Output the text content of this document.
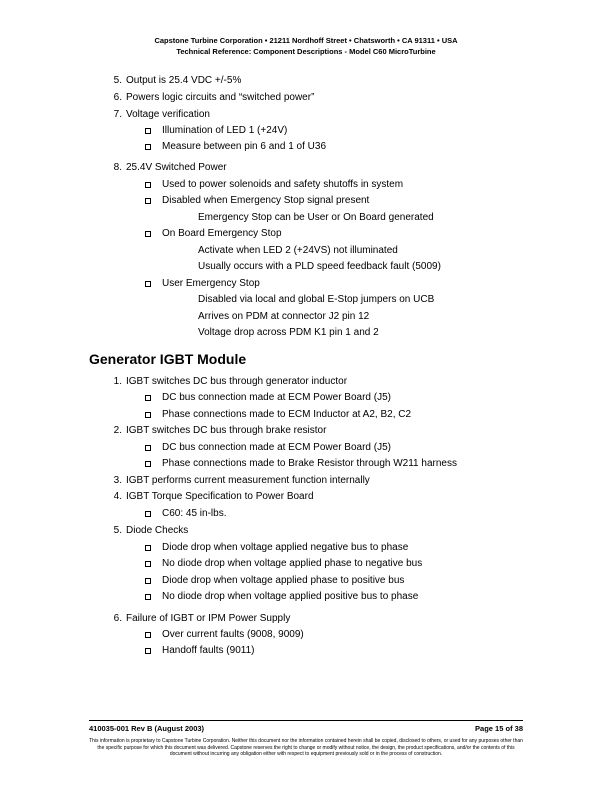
Capstone Turbine Corporation • 21211 Nordhoff Street • Chatsworth • CA 91311 • USA
Technical Reference: Component Descriptions - Model C60 MicroTurbine
Generator IGBT Module
5. Output is 25.4 VDC +/-5%
6. Powers logic circuits and “switched power”
7. Voltage verification
Illumination of LED 1 (+24V)
Measure between pin 6 and 1 of U36
8. 25.4V Switched Power
Used to power solenoids and safety shutoffs in system
Disabled when Emergency Stop signal present
Emergency Stop can be User or On Board generated
On Board Emergency Stop
Activate when LED 2 (+24VS) not illuminated
Usually occurs with a PLD speed feedback fault (5009)
User Emergency Stop
Disabled via local and global E-Stop jumpers on UCB
Arrives on PDM at connector J2 pin 12
Voltage drop across PDM K1 pin 1 and 2
1. IGBT switches DC bus through generator inductor
DC bus connection made at ECM Power Board (J5)
Phase connections made to ECM Inductor at A2, B2, C2
2. IGBT switches DC bus through brake resistor
DC bus connection made at ECM Power Board (J5)
Phase connections made to Brake Resistor through W211 harness
3. IGBT performs current measurement function internally
4. IGBT Torque Specification to Power Board
C60: 45 in-lbs.
5. Diode Checks
Diode drop when voltage applied negative bus to phase
No diode drop when voltage applied phase to negative bus
Diode drop when voltage applied phase to positive bus
No diode drop when voltage applied positive bus to phase
6. Failure of IGBT or IPM Power Supply
Over current faults (9008, 9009)
Handoff faults (9011)
410035-001 Rev B (August 2003)	Page 15 of 38
This information is proprietary to Capstone Turbine Corporation. Neither this document nor the information contained herein shall be copied, disclosed to others, or used for any purposes other than the specific purpose for which this document was delivered. Capstone reserves the right to change or modify without notice, the design, the product specifications, and/or the contents of this document without incurring any obligation either with respect to equipment previously sold or in the process of construction.
